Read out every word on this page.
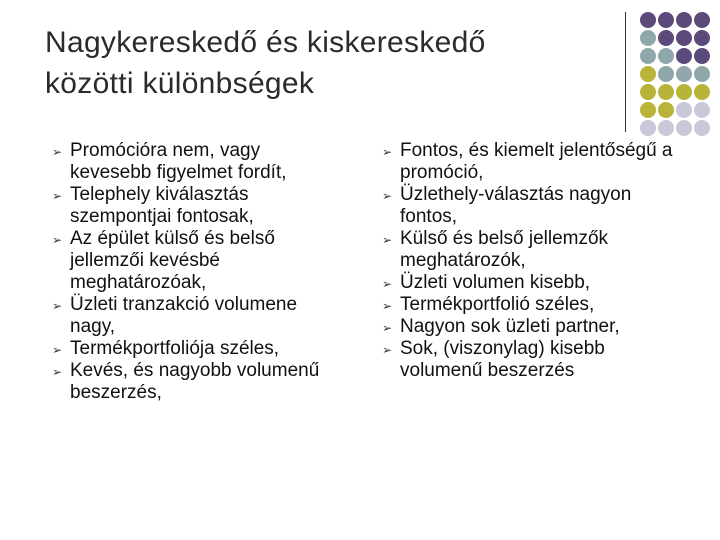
Nagykereskedő és kiskereskedő
közötti különbségek
➢ Promócióra nem, vagy kevesebb figyelmet fordít,
➢ Telephely kiválasztás szempontjai fontosak,
➢ Az épület külső és belső jellemzői kevésbé meghatározóak,
➢ Üzleti tranzakció volumene nagy,
➢ Termékportfoliója széles,
➢ Kevés, és nagyobb volumenű beszerzés,
➢ Fontos, és kiemelt jelentőségű a promóció,
➢ Üzlethely-választás nagyon fontos,
➢ Külső és belső jellemzők meghatározók,
➢ Üzleti volumen kisebb,
➢ Termékportfolió széles,
➢ Nagyon sok üzleti partner,
➢ Sok, (viszonylag) kisebb volumenű beszerzés
